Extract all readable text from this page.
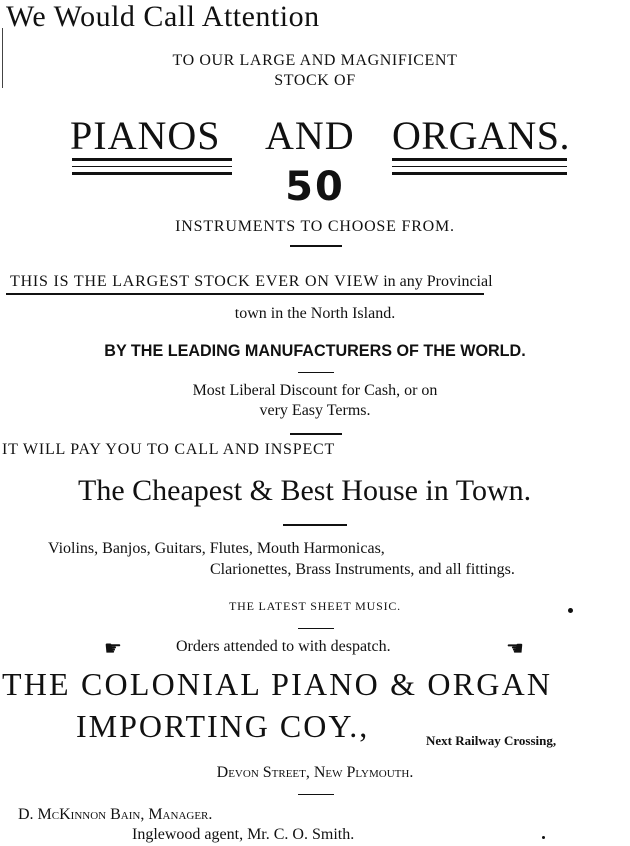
We Would Call Attention
TO OUR LARGE AND MAGNIFICENT
STOCK OF
PIANOS AND ORGANS.
50
INSTRUMENTS TO CHOOSE FROM.
THIS IS THE LARGEST STOCK EVER ON VIEW in any Provincial
town in the North Island.
BY THE LEADING MANUFACTURERS OF THE WORLD.
Most Liberal Discount for Cash, or on
very Easy Terms.
IT WILL PAY YOU TO CALL AND INSPECT
The Cheapest & Best House in Town.
Violins, Banjos, Guitars, Flutes, Mouth Harmonicas,
Clarionettes, Brass Instruments, and all fittings.
THE LATEST SHEET MUSIC.
☛	Orders attended to with despatch.	☚
THE COLONIAL PIANO & ORGAN
IMPORTING COY.,	Next Railway Crossing,
Devon Street, New Plymouth.
D. McKinnon Bain, Manager.
Inglewood agent, Mr. C. O. Smith.
